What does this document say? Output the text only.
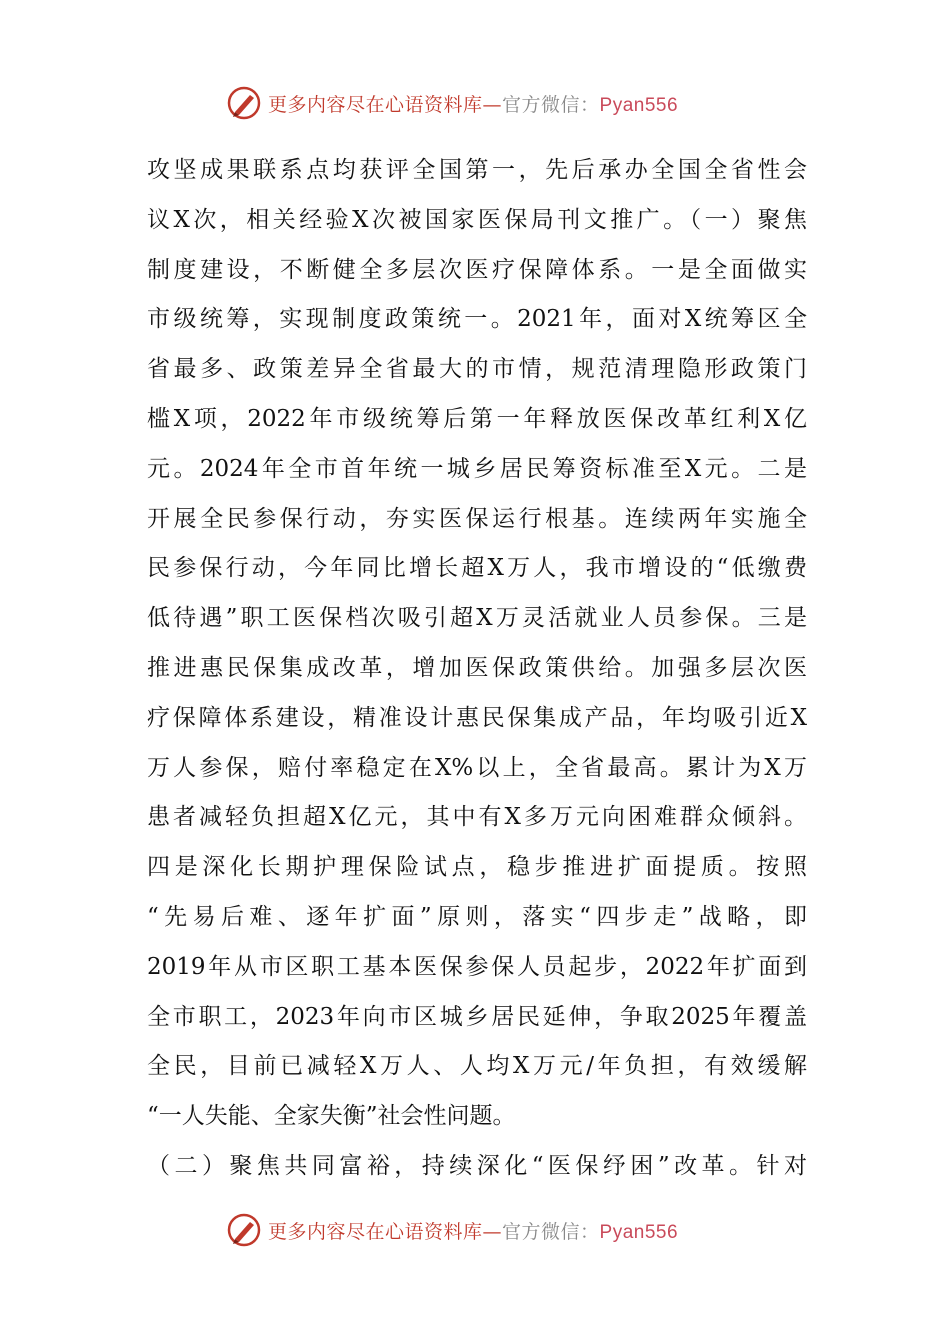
更多内容尽在心语资料库—官方微信：Pyan556
攻坚成果联系点均获评全国第一，先后承办全国全省性会
议X次，相关经验X次被国家医保局刊文推广。（一）聚焦
制度建设，不断健全多层次医疗保障体系。一是全面做实
市级统筹，实现制度政策统一。2021年，面对X统筹区全
省最多、政策差异全省最大的市情，规范清理隐形政策门
槛X项，2022年市级统筹后第一年释放医保改革红利X亿
元。2024年全市首年统一城乡居民筹资标准至X元。二是
开展全民参保行动，夯实医保运行根基。连续两年实施全
民参保行动，今年同比增长超X万人，我市增设的“低缴费
低待遇”职工医保档次吸引超X万灵活就业人员参保。三是
推进惠民保集成改革，增加医保政策供给。加强多层次医
疗保障体系建设，精准设计惠民保集成产品，年均吸引近X
万人参保，赔付率稳定在X%以上，全省最高。累计为X万
患者减轻负担超X亿元，其中有X多万元向困难群众倾斜。
四是深化长期护理保险试点，稳步推进扩面提质。按照
“先易后难、逐年扩面”原则，落实“四步走”战略，即
2019年从市区职工基本医保参保人员起步，2022年扩面到
全市职工，2023年向市区城乡居民延伸，争取2025年覆盖
全民，目前已减轻X万人、人均X万元/年负担，有效缓解
“一人失能、全家失衡”社会性问题。
（二）聚焦共同富裕，持续深化“医保纾困”改革。针对
更多内容尽在心语资料库—官方微信：Pyan556
